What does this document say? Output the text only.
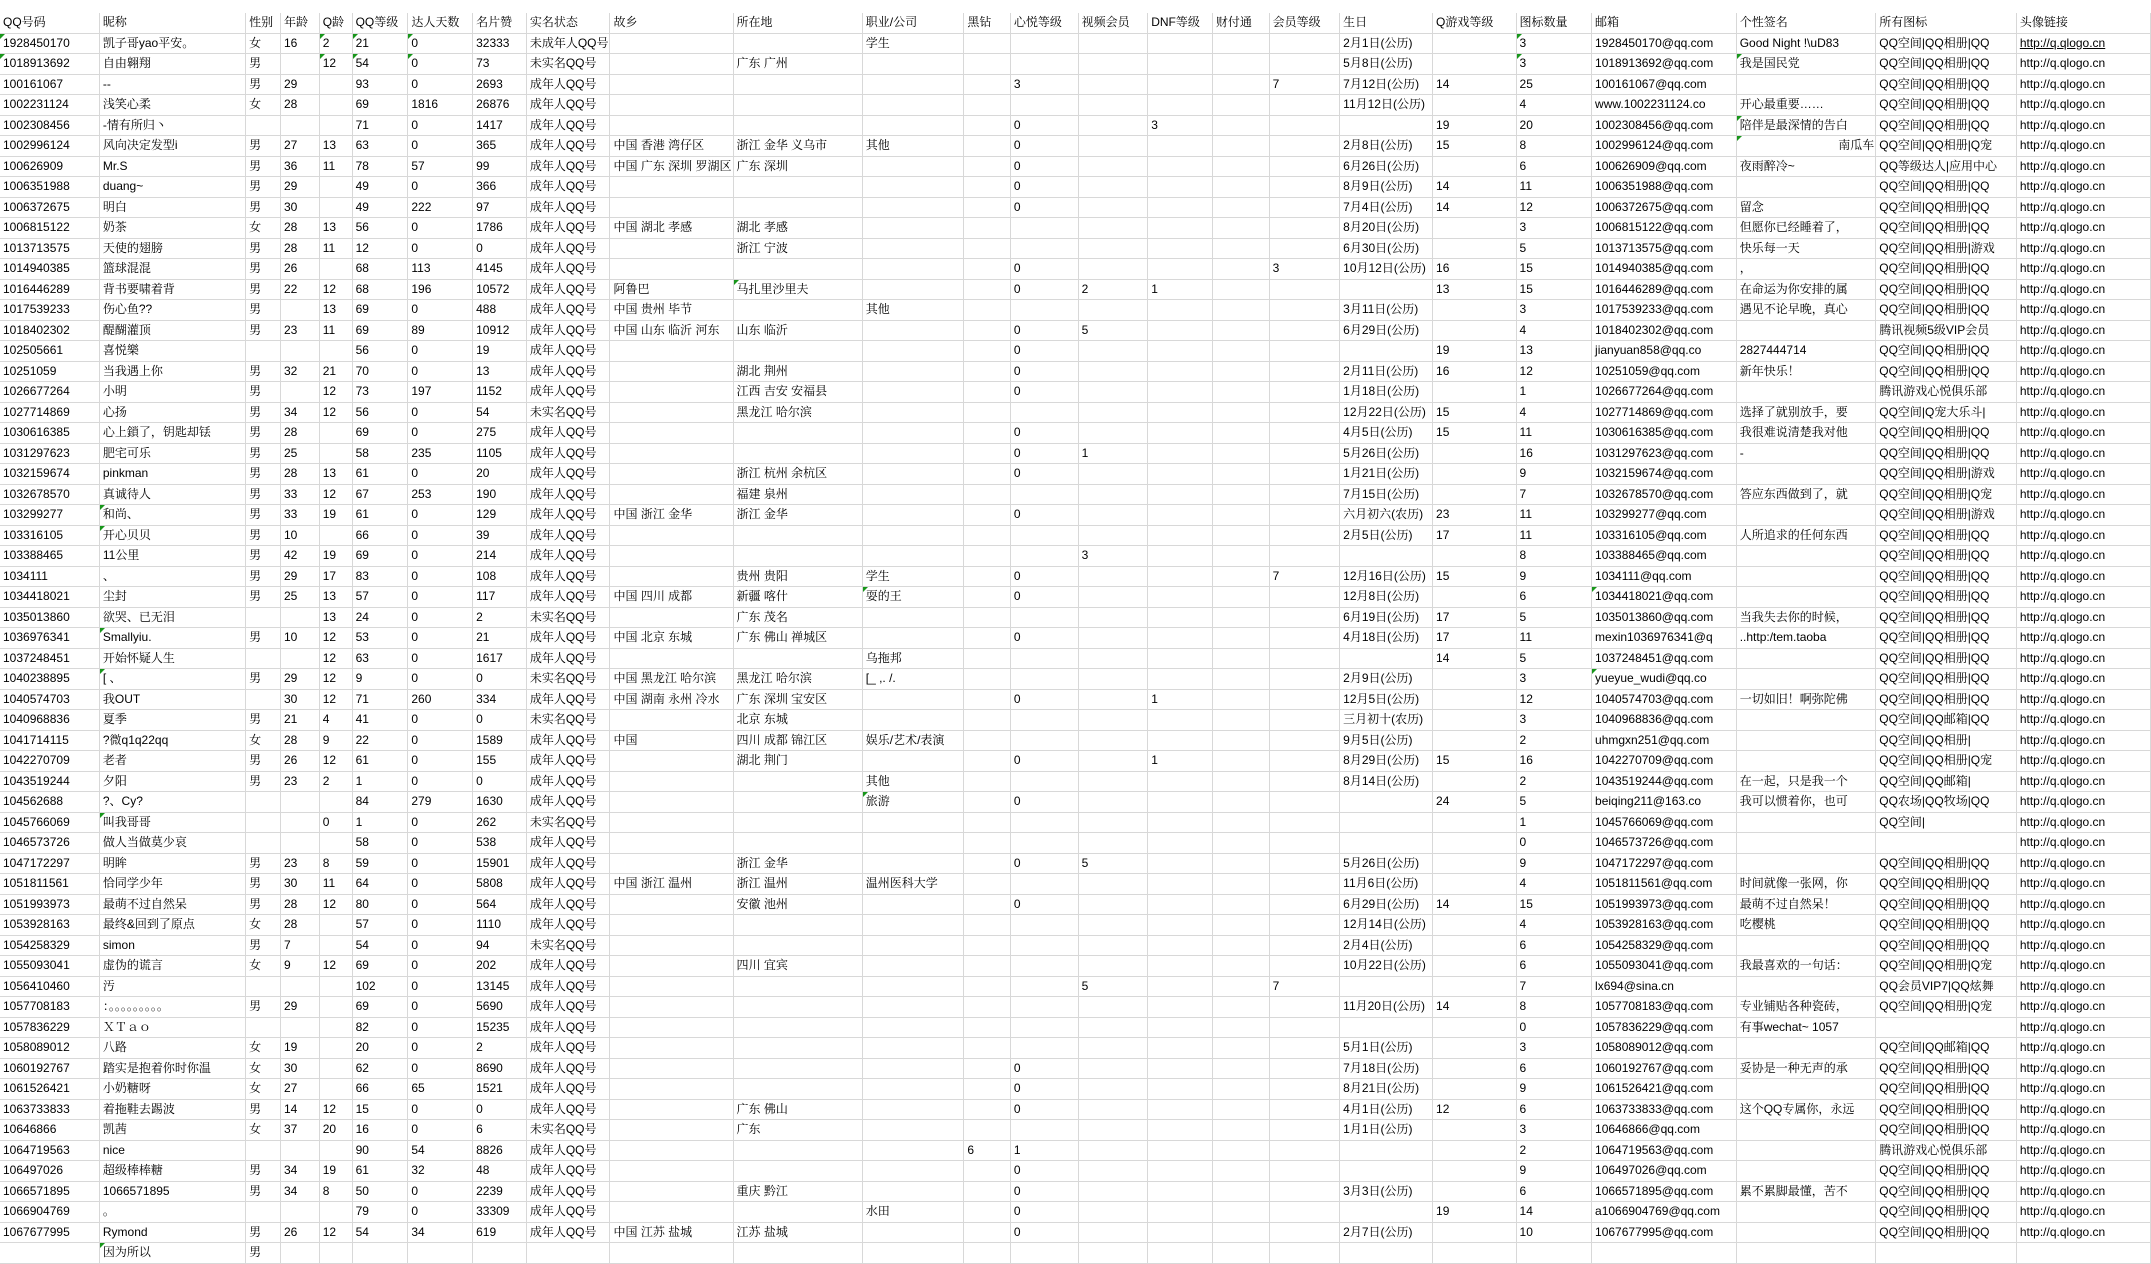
QQ号码	昵称	性别	年龄	Q龄	QQ等级	达人天数	名片赞	实名状态	故乡	所在地	职业/公司	黑钻	心悦等级	视频会员	DNF等级	财付通	会员等级	生日	Q游戏等级	图标数量	邮箱	个性签名	所有图标	头像链接
1928450170	凯子哥yao平安。	女	16	2	21	0	32333	未成年人QQ号			学生							2月1日(公历)		3	1928450170@qq.com	Good Night !\uD83	QQ空间|QQ相册|QQ	http://q.qlogo.cn
1018913692	自由翱翔	男		12	54	0	73	未实名QQ号		广东 广州								5月8日(公历)		3	1018913692@qq.com	我是国民党	QQ空间|QQ相册|QQ	http://q.qlogo.cn
100161067	--	男	29		93	0	2693	成年人QQ号					3				7	7月12日(公历)	14	25	100161067@qq.com		QQ空间|QQ相册|QQ	http://q.qlogo.cn
1002231124	浅笑心柔	女	28		69	1816	26876	成年人QQ号										11月12日(公历)		4	www.1002231124.co	开心最重要……	QQ空间|QQ相册|QQ	http://q.qlogo.cn
1002308456	-情有所归丶				71	0	1417	成年人QQ号					0		3				19	20	1002308456@qq.com	陪伴是最深情的告白	QQ空间|QQ相册|QQ	http://q.qlogo.cn
1002996124	风向决定发型i	男	27	13	63	0	365	成年人QQ号	中国 香港 湾仔区	浙江 金华 义乌市	其他		0					2月8日(公历)	15	8	1002996124@qq.com	南瓜车	QQ空间|QQ相册|Q宠	http://q.qlogo.cn
100626909	Mr.S	男	36	11	78	57	99	成年人QQ号	中国 广东 深圳 罗湖区	广东 深圳			0					6月26日(公历)		6	100626909@qq.com	夜雨醉冷~	QQ等级达人|应用中心	http://q.qlogo.cn
1006351988	duang~	男	29		49	0	366	成年人QQ号					0					8月9日(公历)	14	11	1006351988@qq.com		QQ空间|QQ相册|QQ	http://q.qlogo.cn
1006372675	明白	男	30		49	222	97	成年人QQ号					0					7月4日(公历)	14	12	1006372675@qq.com	留念	QQ空间|QQ相册|QQ	http://q.qlogo.cn
1006815122	奶茶	女	28	13	56	0	1786	成年人QQ号	中国 湖北 孝感	湖北 孝感								8月20日(公历)		3	1006815122@qq.com	但愿你已经睡着了，	QQ空间|QQ相册|QQ	http://q.qlogo.cn
1013713575	天使的翅膀	男	28	11	12	0	0	成年人QQ号		浙江 宁波								6月30日(公历)		5	1013713575@qq.com	快乐每一天	QQ空间|QQ相册|游戏	http://q.qlogo.cn
1014940385	篮球混混	男	26		68	113	4145	成年人QQ号					0				3	10月12日(公历)	16	15	1014940385@qq.com	，	QQ空间|QQ相册|QQ	http://q.qlogo.cn
1016446289	背书要啸着背	男	22	12	68	196	10572	成年人QQ号	阿鲁巴	马扎里沙里夫			0	2	1				13	15	1016446289@qq.com	在命运为你安排的属	QQ空间|QQ相册|QQ	http://q.qlogo.cn
1017539233	伤心鱼??	男		13	69	0	488	成年人QQ号	中国 贵州 毕节		其他							3月11日(公历)		3	1017539233@qq.com	遇见不论早晚，真心	QQ空间|QQ相册|QQ	http://q.qlogo.cn
1018402302	醍醐灌顶	男	23	11	69	89	10912	成年人QQ号	中国 山东 临沂 河东	山东 临沂			0	5				6月29日(公历)		4	1018402302@qq.com		腾讯视频5级VIP会员	http://q.qlogo.cn
102505661	喜悦樂				56	0	19	成年人QQ号					0						19	13	jianyuan858@qq.co	2827444714	QQ空间|QQ相册|QQ	http://q.qlogo.cn
10251059	当我遇上你	男	32	21	70	0	13	成年人QQ号		湖北 荆州			0					2月11日(公历)	16	12	10251059@qq.com	新年快乐！	QQ空间|QQ相册|QQ	http://q.qlogo.cn
1026677264	小明	男		12	73	197	1152	成年人QQ号		江西 吉安 安福县			0					1月18日(公历)		1	1026677264@qq.com		腾讯游戏心悦俱乐部	http://q.qlogo.cn
1027714869	心扬	男	34	12	56	0	54	未实名QQ号		黑龙江 哈尔滨								12月22日(公历)	15	4	1027714869@qq.com	选择了就别放手，要	QQ空间|Q宠大乐斗|	http://q.qlogo.cn
1030616385	心上鎖了，钥匙却铥	男	28		69	0	275	成年人QQ号					0					4月5日(公历)	15	11	1030616385@qq.com	我很难说清楚我对他	QQ空间|QQ相册|QQ	http://q.qlogo.cn
1031297623	肥宅可乐	男	25		58	235	1105	成年人QQ号					0	1				5月26日(公历)		16	1031297623@qq.com	-	QQ空间|QQ相册|QQ	http://q.qlogo.cn
1032159674	pinkman	男	28	13	61	0	20	成年人QQ号		浙江 杭州 余杭区			0					1月21日(公历)		9	1032159674@qq.com		QQ空间|QQ相册|游戏	http://q.qlogo.cn
1032678570	真诚待人	男	33	12	67	253	190	成年人QQ号		福建 泉州								7月15日(公历)		7	1032678570@qq.com	答应东西做到了，就	QQ空间|QQ相册|Q宠	http://q.qlogo.cn
103299277	和尚、	男	33	19	61	0	129	成年人QQ号	中国 浙江 金华	浙江 金华			0					六月初六(农历)	23	11	103299277@qq.com		QQ空间|QQ相册|游戏	http://q.qlogo.cn
103316105	开心贝贝	男	10		66	0	39	成年人QQ号										2月5日(公历)	17	11	103316105@qq.com	人所追求的任何东西	QQ空间|QQ相册|QQ	http://q.qlogo.cn
103388465	11公里	男	42	19	69	0	214	成年人QQ号						3						8	103388465@qq.com		QQ空间|QQ相册|QQ	http://q.qlogo.cn
1034111	、	男	29	17	83	0	108	成年人QQ号		贵州 贵阳	学生		0				7	12月16日(公历)	15	9	1034111@qq.com		QQ空间|QQ相册|QQ	http://q.qlogo.cn
1034418021	尘封	男	25	13	57	0	117	成年人QQ号	中国 四川 成都	新疆 喀什	耍的王		0					12月8日(公历)		6	1034418021@qq.com		QQ空间|QQ相册|QQ	http://q.qlogo.cn
1035013860	欲哭、已无泪			13	24	0	2	未实名QQ号		广东 茂名								6月19日(公历)	17	5	1035013860@qq.com	当我失去你的时候，	QQ空间|QQ相册|QQ	http://q.qlogo.cn
1036976341	Smallyiu.	男	10	12	53	0	21	成年人QQ号	中国 北京 东城	广东 佛山 禅城区			0					4月18日(公历)	17	11	mexin1036976341@q	..http:/tem.taoba	QQ空间|QQ相册|QQ	http://q.qlogo.cn
1037248451	开始怀疑人生			12	63	0	1617	成年人QQ号			乌拖邦								14	5	1037248451@qq.com		QQ空间|QQ相册|QQ	http://q.qlogo.cn
1040238895	[ 、	男	29	12	9	0	0	未实名QQ号	中国 黑龙江 哈尔滨	黑龙江 哈尔滨	[_ ,. /.							2月9日(公历)		3	yueyue_wudi@qq.co		QQ空间|QQ相册|QQ	http://q.qlogo.cn
1040574703	我OUT		30	12	71	260	334	成年人QQ号	中国 湖南 永州 冷水	广东 深圳 宝安区			0		1			12月5日(公历)		12	1040574703@qq.com	一切如旧！啊弥陀佛	QQ空间|QQ相册|QQ	http://q.qlogo.cn
1040968836	夏季	男	21	4	41	0	0	未实名QQ号		北京 东城								三月初十(农历)		3	1040968836@qq.com		QQ空间|QQ邮箱|QQ	http://q.qlogo.cn
1041714115	?微q1q22qq	女	28	9	22	0	1589	成年人QQ号	中国	四川 成都 锦江区	娱乐/艺术/表演							9月5日(公历)		2	uhmgxn251@qq.com		QQ空间|QQ相册|	http://q.qlogo.cn
1042270709	老者	男	26	12	61	0	155	成年人QQ号		湖北 荆门			0		1			8月29日(公历)	15	16	1042270709@qq.com		QQ空间|QQ相册|Q宠	http://q.qlogo.cn
1043519244	夕阳	男	23	2	1	0	0	成年人QQ号			其他							8月14日(公历)		2	1043519244@qq.com	在一起，只是我一个	QQ空间|QQ邮箱|	http://q.qlogo.cn
104562688	?、Cy?				84	279	1630	成年人QQ号			旅游		0						24	5	beiqing211@163.co	我可以惯着你，也可	QQ农场|QQ牧场|QQ	http://q.qlogo.cn
1045766069	叫我哥哥			0	1	0	262	未实名QQ号												1	1045766069@qq.com		QQ空间|	http://q.qlogo.cn
1046573726	做人当做莫少哀				58	0	538	成年人QQ号												0	1046573726@qq.com			http://q.qlogo.cn
1047172297	明眸	男	23	8	59	0	15901	成年人QQ号		浙江 金华			0	5				5月26日(公历)		9	1047172297@qq.com		QQ空间|QQ相册|QQ	http://q.qlogo.cn
1051811561	恰同学少年	男	30	11	64	0	5808	成年人QQ号	中国 浙江 温州	浙江 温州	温州医科大学							11月6日(公历)		4	1051811561@qq.com	时间就像一张网，你	QQ空间|QQ相册|QQ	http://q.qlogo.cn
1051993973	最萌不过自然呆	男	28	12	80	0	564	成年人QQ号		安徽 池州			0					6月29日(公历)	14	15	1051993973@qq.com	最萌不过自然呆！	QQ空间|QQ相册|QQ	http://q.qlogo.cn
1053928163	最终&回到了原点	女	28		57	0	1110	成年人QQ号										12月14日(公历)		4	1053928163@qq.com	吃樱桃	QQ空间|QQ相册|QQ	http://q.qlogo.cn
1054258329	simon	男	7		54	0	94	未实名QQ号										2月4日(公历)		6	1054258329@qq.com		QQ空间|QQ相册|QQ	http://q.qlogo.cn
1055093041	虚伪的谎言	女	9	12	69	0	202	成年人QQ号		四川 宜宾								10月22日(公历)		6	1055093041@qq.com	我最喜欢的一句话：	QQ空间|QQ相册|Q宠	http://q.qlogo.cn
1056410460	汚				102	0	13145	成年人QQ号						5			7			7	lx694@sina.cn		QQ会员VIP7|QQ炫舞	http://q.qlogo.cn
1057708183	：。。。。。。。。。	男	29		69	0	5690	成年人QQ号										11月20日(公历)	14	8	1057708183@qq.com	专业铺贴各种瓷砖，	QQ空间|QQ相册|Q宠	http://q.qlogo.cn
1057836229	ＸＴａｏ				82	0	15235	成年人QQ号												0	1057836229@qq.com	有事wechat~ 1057		http://q.qlogo.cn
1058089012	八路	女	19		20	0	2	成年人QQ号										5月1日(公历)		3	1058089012@qq.com		QQ空间|QQ邮箱|QQ	http://q.qlogo.cn
1060192767	踏实是抱着你时你温	女	30		62	0	8690	成年人QQ号					0					7月18日(公历)		6	1060192767@qq.com	妥协是一种无声的承	QQ空间|QQ相册|QQ	http://q.qlogo.cn
1061526421	小奶糖呀	女	27		66	65	1521	成年人QQ号					0					8月21日(公历)		9	1061526421@qq.com		QQ空间|QQ相册|QQ	http://q.qlogo.cn
1063733833	着拖鞋去踢波	男	14	12	15	0	0	成年人QQ号		广东 佛山			0					4月1日(公历)	12	6	1063733833@qq.com	这个QQ专属你，永远	QQ空间|QQ相册|QQ	http://q.qlogo.cn
10646866	凯茜	女	37	20	16	0	6	未实名QQ号		广东								1月1日(公历)		3	10646866@qq.com		QQ空间|QQ相册|QQ	http://q.qlogo.cn
1064719563	nice				90	54	8826	成年人QQ号				6	1							2	1064719563@qq.com		腾讯游戏心悦俱乐部	http://q.qlogo.cn
106497026	超级棒棒糖	男	34	19	61	32	48	成年人QQ号					0							9	106497026@qq.com		QQ空间|QQ相册|QQ	http://q.qlogo.cn
1066571895	1066571895	男	34	8	50	0	2239	成年人QQ号		重庆 黔江			0					3月3日(公历)		6	1066571895@qq.com	累不累脚最懂，苦不	QQ空间|QQ相册|QQ	http://q.qlogo.cn
1066904769	。				79	0	33309	成年人QQ号			水田		0						19	14	a1066904769@qq.com		QQ空间|QQ相册|QQ	http://q.qlogo.cn
1067677995	Rymond	男	26	12	54	34	619	成年人QQ号	中国 江苏 盐城	江苏 盐城			0					2月7日(公历)		10	1067677995@qq.com		QQ空间|QQ相册|QQ	http://q.qlogo.cn
	因为所以	男																						
